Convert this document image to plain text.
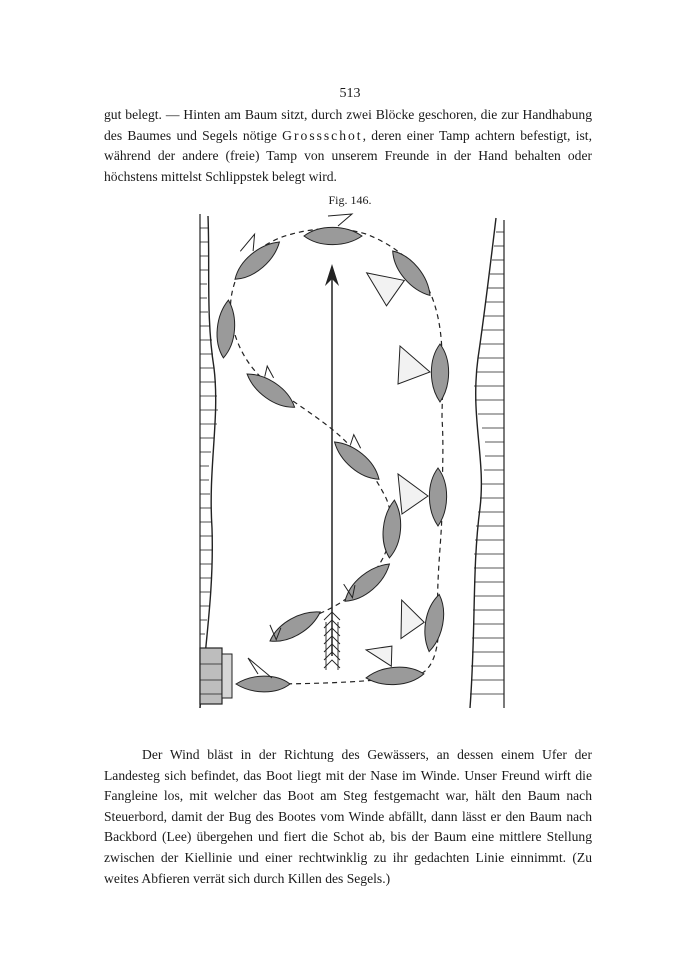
513

gut belegt. — Hinten am Baum sitzt, durch zwei Blöcke geschoren, die zur Handhabung des Baumes und Segels nötige Grossschot, deren einer Tamp achtern befestigt, ist, während der andere (freie) Tamp von unserem Freunde in der Hand behalten oder höchstens mittelst Schlippstek belegt wird.

Fig. 146.

Der Wind bläst in der Richtung des Gewässers, an dessen einem Ufer der Landesteg sich befindet, das Boot liegt mit der Nase im Winde. Unser Freund wirft die Fangleine los, mit welcher das Boot am Steg festgemacht war, hält den Baum nach Steuerbord, damit der Bug des Bootes vom Winde abfällt, dann lässt er den Baum nach Backbord (Lee) übergehen und fiert die Schot ab, bis der Baum eine mittlere Stellung zwischen der Kiellinie und einer rechtwinklig zu ihr gedachten Linie einnimmt. (Zu weites Abfieren verrät sich durch Killen des Segels.)
